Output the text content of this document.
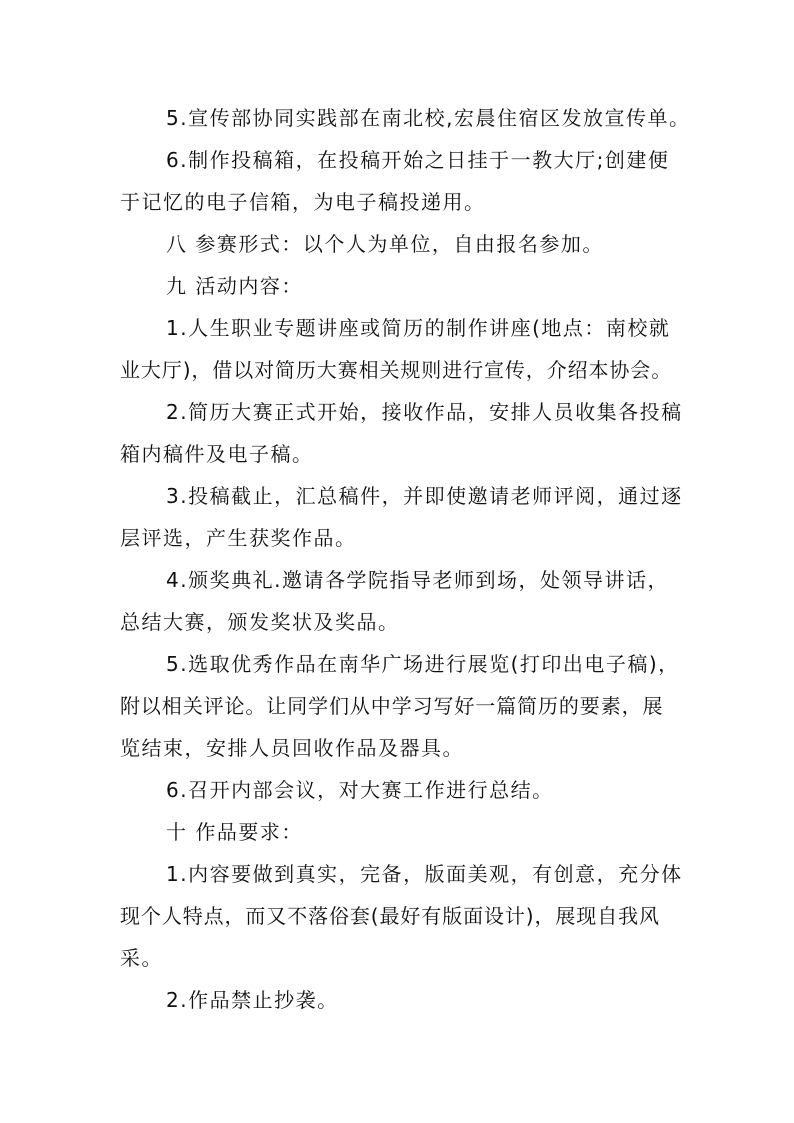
5.宣传部协同实践部在南北校,宏晨住宿区发放宣传单。
6.制作投稿箱，在投稿开始之日挂于一教大厅;创建便
于记忆的电子信箱，为电子稿投递用。
八 参赛形式：以个人为单位，自由报名参加。
九 活动内容：
1.人生职业专题讲座或简历的制作讲座(地点：南校就
业大厅)，借以对简历大赛相关规则进行宣传，介绍本协会。
2.简历大赛正式开始，接收作品，安排人员收集各投稿
箱内稿件及电子稿。
3.投稿截止，汇总稿件，并即使邀请老师评阅，通过逐
层评选，产生获奖作品。
4.颁奖典礼.邀请各学院指导老师到场，处领导讲话，
总结大赛，颁发奖状及奖品。
5.选取优秀作品在南华广场进行展览(打印出电子稿)，
附以相关评论。让同学们从中学习写好一篇简历的要素，展
览结束，安排人员回收作品及器具。
6.召开内部会议，对大赛工作进行总结。
十 作品要求：
1.内容要做到真实，完备，版面美观，有创意，充分体
现个人特点，而又不落俗套(最好有版面设计)，展现自我风
采。
2.作品禁止抄袭。
